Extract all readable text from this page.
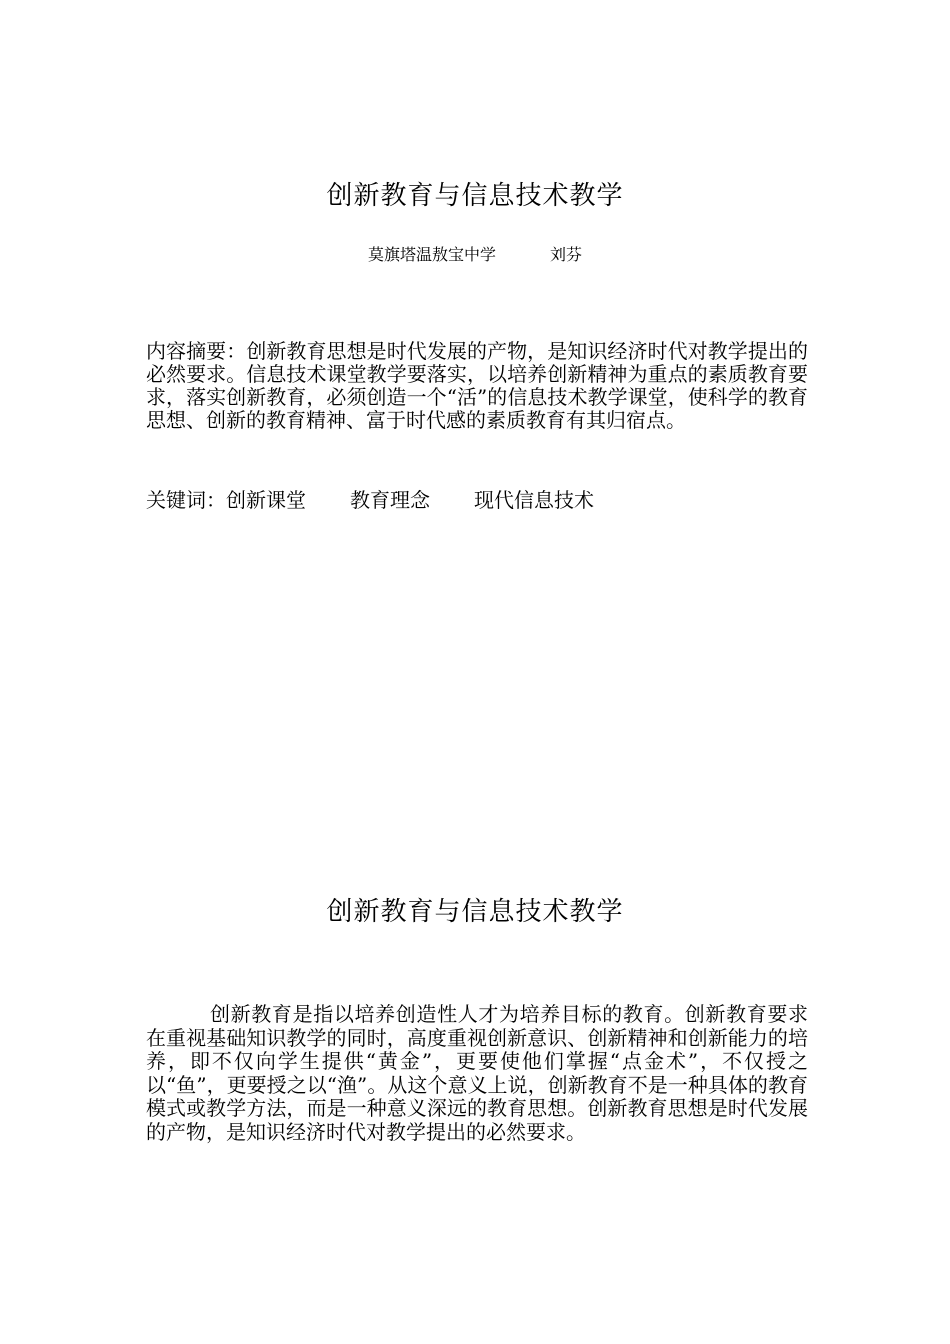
创新教育与信息技术教学
莫旗塔温敖宝中学	刘芬
内容摘要：创新教育思想是时代发展的产物，是知识经济时代对教学提出的必然要求。信息技术课堂教学要落实，以培养创新精神为重点的素质教育要求，落实创新教育，必须创造一个“活”的信息技术教学课堂，使科学的教育思想、创新的教育精神、富于时代感的素质教育有其归宿点。
关键词：创新课堂 教育理念 现代信息技术
创新教育与信息技术教学
创新教育是指以培养创造性人才为培养目标的教育。创新教育要求在重视基础知识教学的同时，高度重视创新意识、创新精神和创新能力的培养，即不仅向学生提供“黄金”，更要使他们掌握“点金术”，不仅授之以“鱼”，更要授之以“渔”。从这个意义上说，创新教育不是一种具体的教育模式或教学方法，而是一种意义深远的教育思想。创新教育思想是时代发展的产物，是知识经济时代对教学提出的必然要求。
